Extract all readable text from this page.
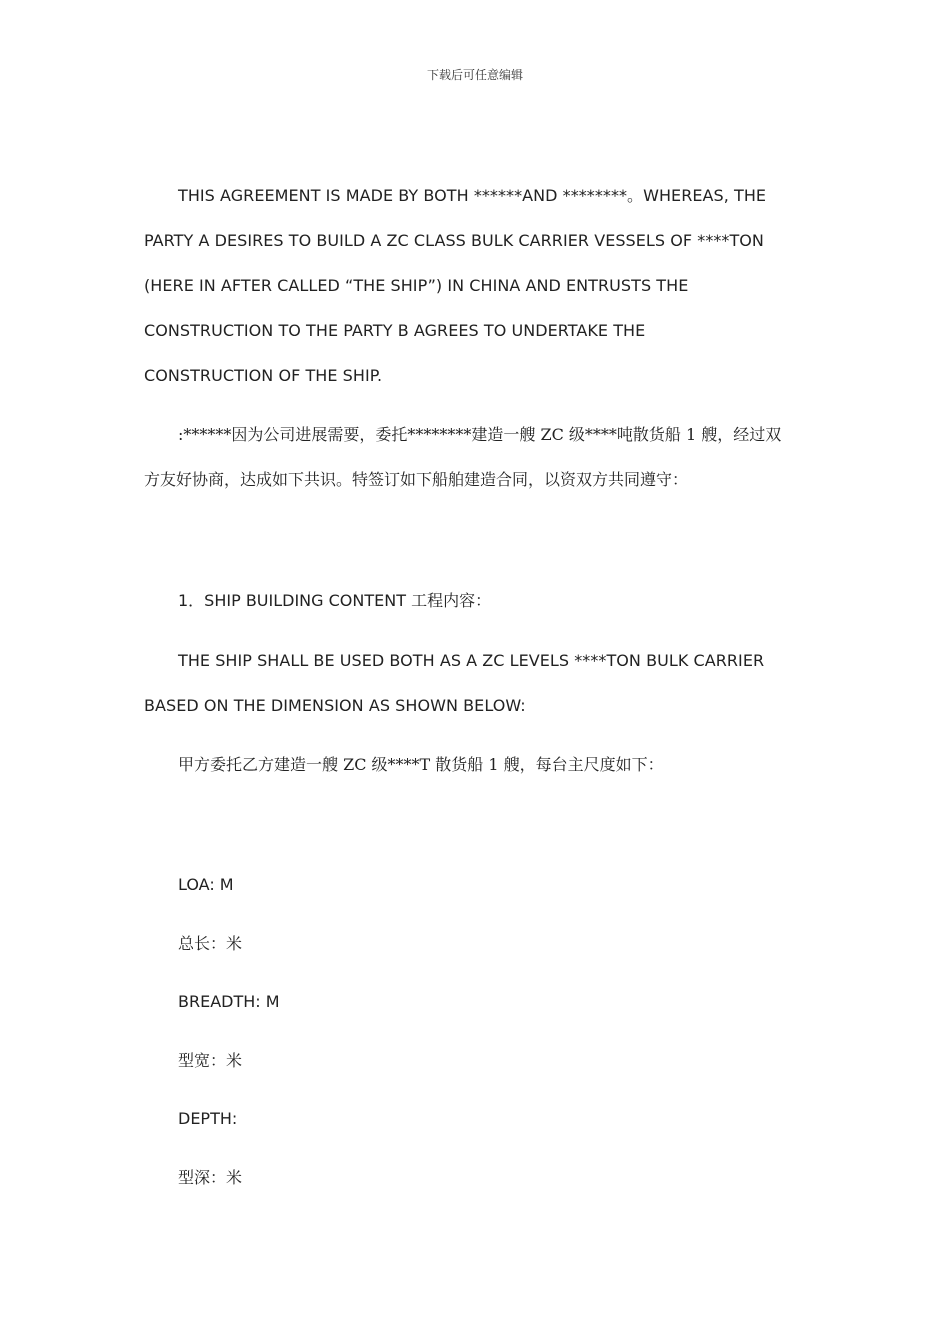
下载后可任意编辑

THIS AGREEMENT IS MADE BY BOTH ******AND ********。WHEREAS, THE

PARTY A DESIRES TO BUILD A ZC CLASS BULK CARRIER VESSELS OF ****TON

(HERE IN AFTER CALLED “THE SHIP”) IN CHINA AND ENTRUSTS THE

CONSTRUCTION TO THE PARTY B AGREES TO UNDERTAKE THE

CONSTRUCTION OF THE SHIP.

:******因为公司进展需要，委托********建造一艘 ZC 级****吨散货船 1 艘，经过双

方友好协商，达成如下共识。特签订如下船舶建造合同，以资双方共同遵守：

1．SHIP BUILDING CONTENT 工程内容：

THE SHIP SHALL BE USED BOTH AS A ZC LEVELS ****TON BULK CARRIER

BASED ON THE DIMENSION AS SHOWN BELOW:

甲方委托乙方建造一艘 ZC 级****T 散货船 1 艘，每台主尺度如下：

LOA: M

总长：米

BREADTH: M

型宽：米

DEPTH:

型深：米
